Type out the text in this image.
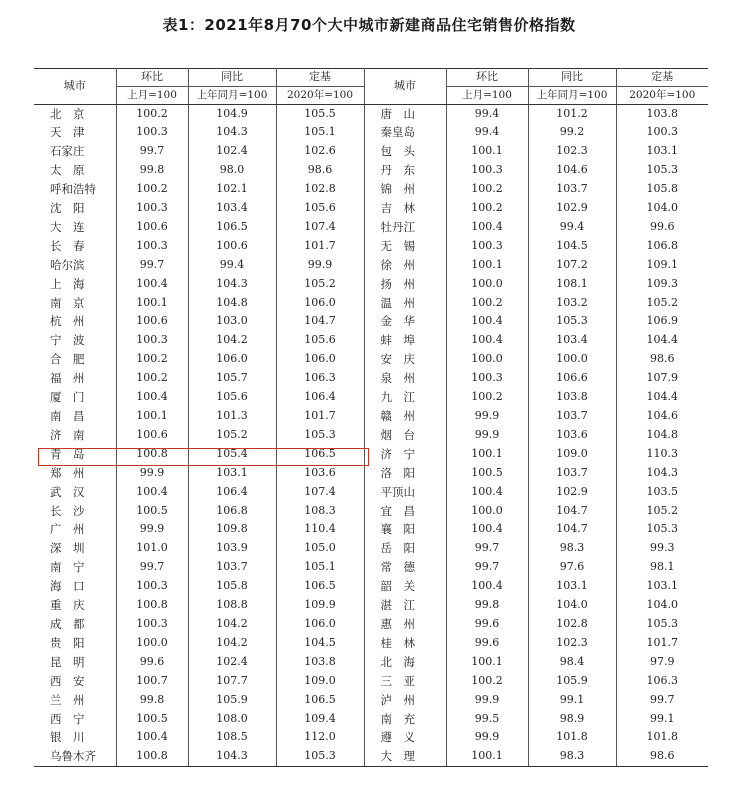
表1：2021年8月70个大中城市新建商品住宅销售价格指数
城市	环比	同比	定基	城市	环比	同比	定基
	上月=100	上年同月=100	2020年=100		上月=100	上年同月=100	2020年=100
北　京	100.2	104.9	105.5	唐　山	99.4	101.2	103.8
天　津	100.3	104.3	105.1	秦皇岛	99.4	99.2	100.3
石家庄	99.7	102.4	102.6	包　头	100.1	102.3	103.1
太　原	99.8	98.0	98.6	丹　东	100.3	104.6	105.3
呼和浩特	100.2	102.1	102.8	锦　州	100.2	103.7	105.8
沈　阳	100.3	103.4	105.6	吉　林	100.2	102.9	104.0
大　连	100.6	106.5	107.4	牡丹江	100.4	99.4	99.6
长　春	100.3	100.6	101.7	无　锡	100.3	104.5	106.8
哈尔滨	99.7	99.4	99.9	徐　州	100.1	107.2	109.1
上　海	100.4	104.3	105.2	扬　州	100.0	108.1	109.3
南　京	100.1	104.8	106.0	温　州	100.2	103.2	105.2
杭　州	100.6	103.0	104.7	金　华	100.4	105.3	106.9
宁　波	100.3	104.2	105.6	蚌　埠	100.4	103.4	104.4
合　肥	100.2	106.0	106.0	安　庆	100.0	100.0	98.6
福　州	100.2	105.7	106.3	泉　州	100.3	106.6	107.9
厦　门	100.4	105.6	106.4	九　江	100.2	103.8	104.4
南　昌	100.1	101.3	101.7	赣　州	99.9	103.7	104.6
济　南	100.6	105.2	105.3	烟　台	99.9	103.6	104.8
青　岛	100.8	105.4	106.5	济　宁	100.1	109.0	110.3
郑　州	99.9	103.1	103.6	洛　阳	100.5	103.7	104.3
武　汉	100.4	106.4	107.4	平顶山	100.4	102.9	103.5
长　沙	100.5	106.8	108.3	宜　昌	100.0	104.7	105.2
广　州	99.9	109.8	110.4	襄　阳	100.4	104.7	105.3
深　圳	101.0	103.9	105.0	岳　阳	99.7	98.3	99.3
南　宁	99.7	103.7	105.1	常　德	99.7	97.6	98.1
海　口	100.3	105.8	106.5	韶　关	100.4	103.1	103.1
重　庆	100.8	108.8	109.9	湛　江	99.8	104.0	104.0
成　都	100.3	104.2	106.0	惠　州	99.6	102.8	105.3
贵　阳	100.0	104.2	104.5	桂　林	99.6	102.3	101.7
昆　明	99.6	102.4	103.8	北　海	100.1	98.4	97.9
西　安	100.7	107.7	109.0	三　亚	100.2	105.9	106.3
兰　州	99.8	105.9	106.5	泸　州	99.9	99.1	99.7
西　宁	100.5	108.0	109.4	南　充	99.5	98.9	99.1
银　川	100.4	108.5	112.0	遵　义	99.9	101.8	101.8
乌鲁木齐	100.8	104.3	105.3	大　理	100.1	98.3	98.6
